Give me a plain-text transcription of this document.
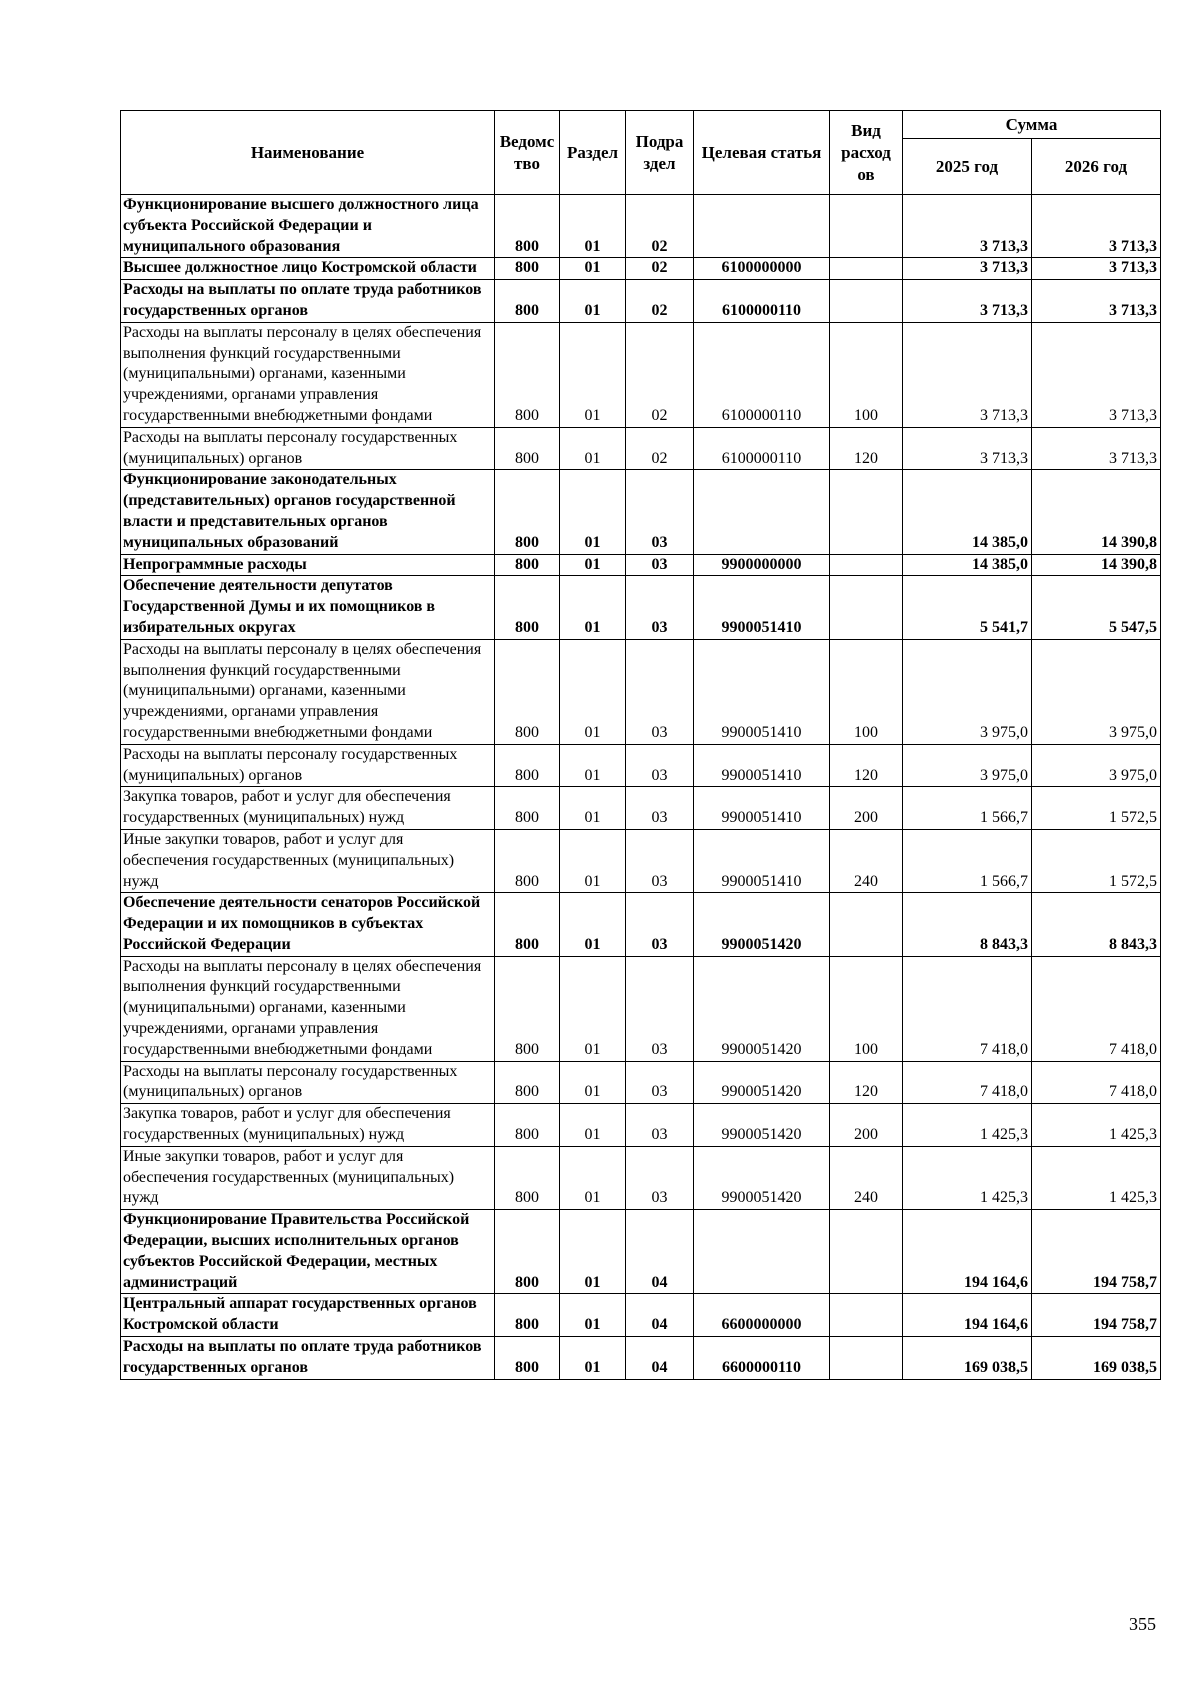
Наименование	Ведомс тво	Раздел	Подра здел	Целевая статья	Вид расход ов	Сумма	
						2025 год	2026 год
Функционирование высшего должностного лица субъекта Российской Федерации и муниципального образования	800	01	02			3 713,3	3 713,3
Высшее должностное лицо Костромской области	800	01	02	6100000000		3 713,3	3 713,3
Расходы на выплаты по оплате труда работников государственных органов	800	01	02	6100000110		3 713,3	3 713,3
Расходы на выплаты персоналу в целях обеспечения выполнения функций государственными (муниципальными) органами, казенными учреждениями, органами управления государственными внебюджетными фондами	800	01	02	6100000110	100	3 713,3	3 713,3
Расходы на выплаты персоналу государственных (муниципальных) органов	800	01	02	6100000110	120	3 713,3	3 713,3
Функционирование законодательных (представительных) органов государственной власти и представительных органов муниципальных образований	800	01	03			14 385,0	14 390,8
Непрограммные расходы	800	01	03	9900000000		14 385,0	14 390,8
Обеспечение деятельности депутатов Государственной Думы и их помощников в избирательных округах	800	01	03	9900051410		5 541,7	5 547,5
Расходы на выплаты персоналу в целях обеспечения выполнения функций государственными (муниципальными) органами, казенными учреждениями, органами управления государственными внебюджетными фондами	800	01	03	9900051410	100	3 975,0	3 975,0
Расходы на выплаты персоналу государственных (муниципальных) органов	800	01	03	9900051410	120	3 975,0	3 975,0
Закупка товаров, работ и услуг для обеспечения государственных (муниципальных) нужд	800	01	03	9900051410	200	1 566,7	1 572,5
Иные закупки товаров, работ и услуг для обеспечения государственных (муниципальных) нужд	800	01	03	9900051410	240	1 566,7	1 572,5
Обеспечение деятельности сенаторов Российской Федерации и их помощников в субъектах Российской Федерации	800	01	03	9900051420		8 843,3	8 843,3
Расходы на выплаты персоналу в целях обеспечения выполнения функций государственными (муниципальными) органами, казенными учреждениями, органами управления государственными внебюджетными фондами	800	01	03	9900051420	100	7 418,0	7 418,0
Расходы на выплаты персоналу государственных (муниципальных) органов	800	01	03	9900051420	120	7 418,0	7 418,0
Закупка товаров, работ и услуг для обеспечения государственных (муниципальных) нужд	800	01	03	9900051420	200	1 425,3	1 425,3
Иные закупки товаров, работ и услуг для обеспечения государственных (муниципальных) нужд	800	01	03	9900051420	240	1 425,3	1 425,3
Функционирование Правительства Российской Федерации, высших исполнительных органов субъектов Российской Федерации, местных администраций	800	01	04			194 164,6	194 758,7
Центральный аппарат государственных органов Костромской области	800	01	04	6600000000		194 164,6	194 758,7
Расходы на выплаты по оплате труда работников государственных органов	800	01	04	6600000110		169 038,5	169 038,5
355
